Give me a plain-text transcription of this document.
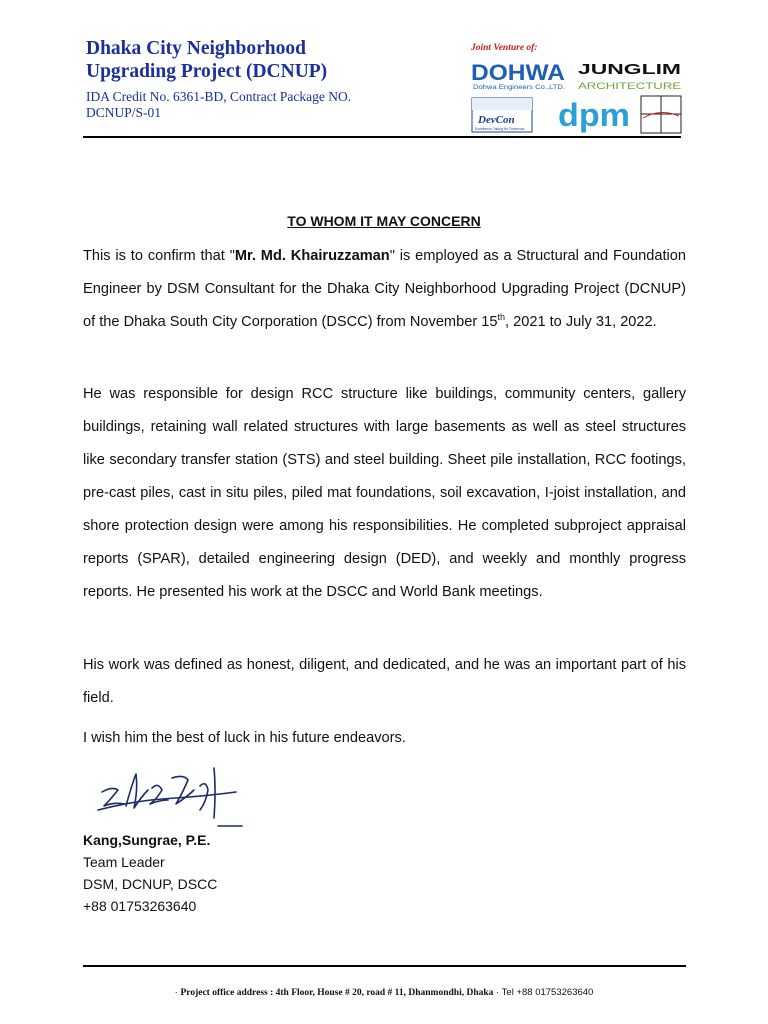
Dhaka City Neighborhood
Upgrading Project (DCNUP)
IDA Credit No. 6361-BD, Contract Package NO.
DCNUP/S-01
Joint Venture of:
DOHWA
Dohwa Engineers Co.,LTD.
JUNGLIM
ARCHITECTURE
DevCon
Excellence Taking for Tomorrow dpm
TO WHOM IT MAY CONCERN
This is to confirm that "Mr. Md. Khairuzzaman" is employed as a Structural and Foundation Engineer by DSM Consultant for the Dhaka City Neighborhood Upgrading Project (DCNUP) of the Dhaka South City Corporation (DSCC) from November 15th, 2021 to July 31, 2022.
He was responsible for design RCC structure like buildings, community centers, gallery buildings, retaining wall related structures with large basements as well as steel structures like secondary transfer station (STS) and steel building. Sheet pile installation, RCC footings, pre-cast piles, cast in situ piles, piled mat foundations, soil excavation, I-joist installation, and shore protection design were among his responsibilities. He completed subproject appraisal reports (SPAR), detailed engineering design (DED), and weekly and monthly progress reports. He presented his work at the DSCC and World Bank meetings.
His work was defined as honest, diligent, and dedicated, and he was an important part of his field.
I wish him the best of luck in his future endeavors.
Kang,Sungrae, P.E.
Team Leader
DSM, DCNUP, DSCC
+88 01753263640
· Project office address : 4th Floor, House # 20, road # 11, Dhanmondhi, Dhaka · Tel +88 01753263640
